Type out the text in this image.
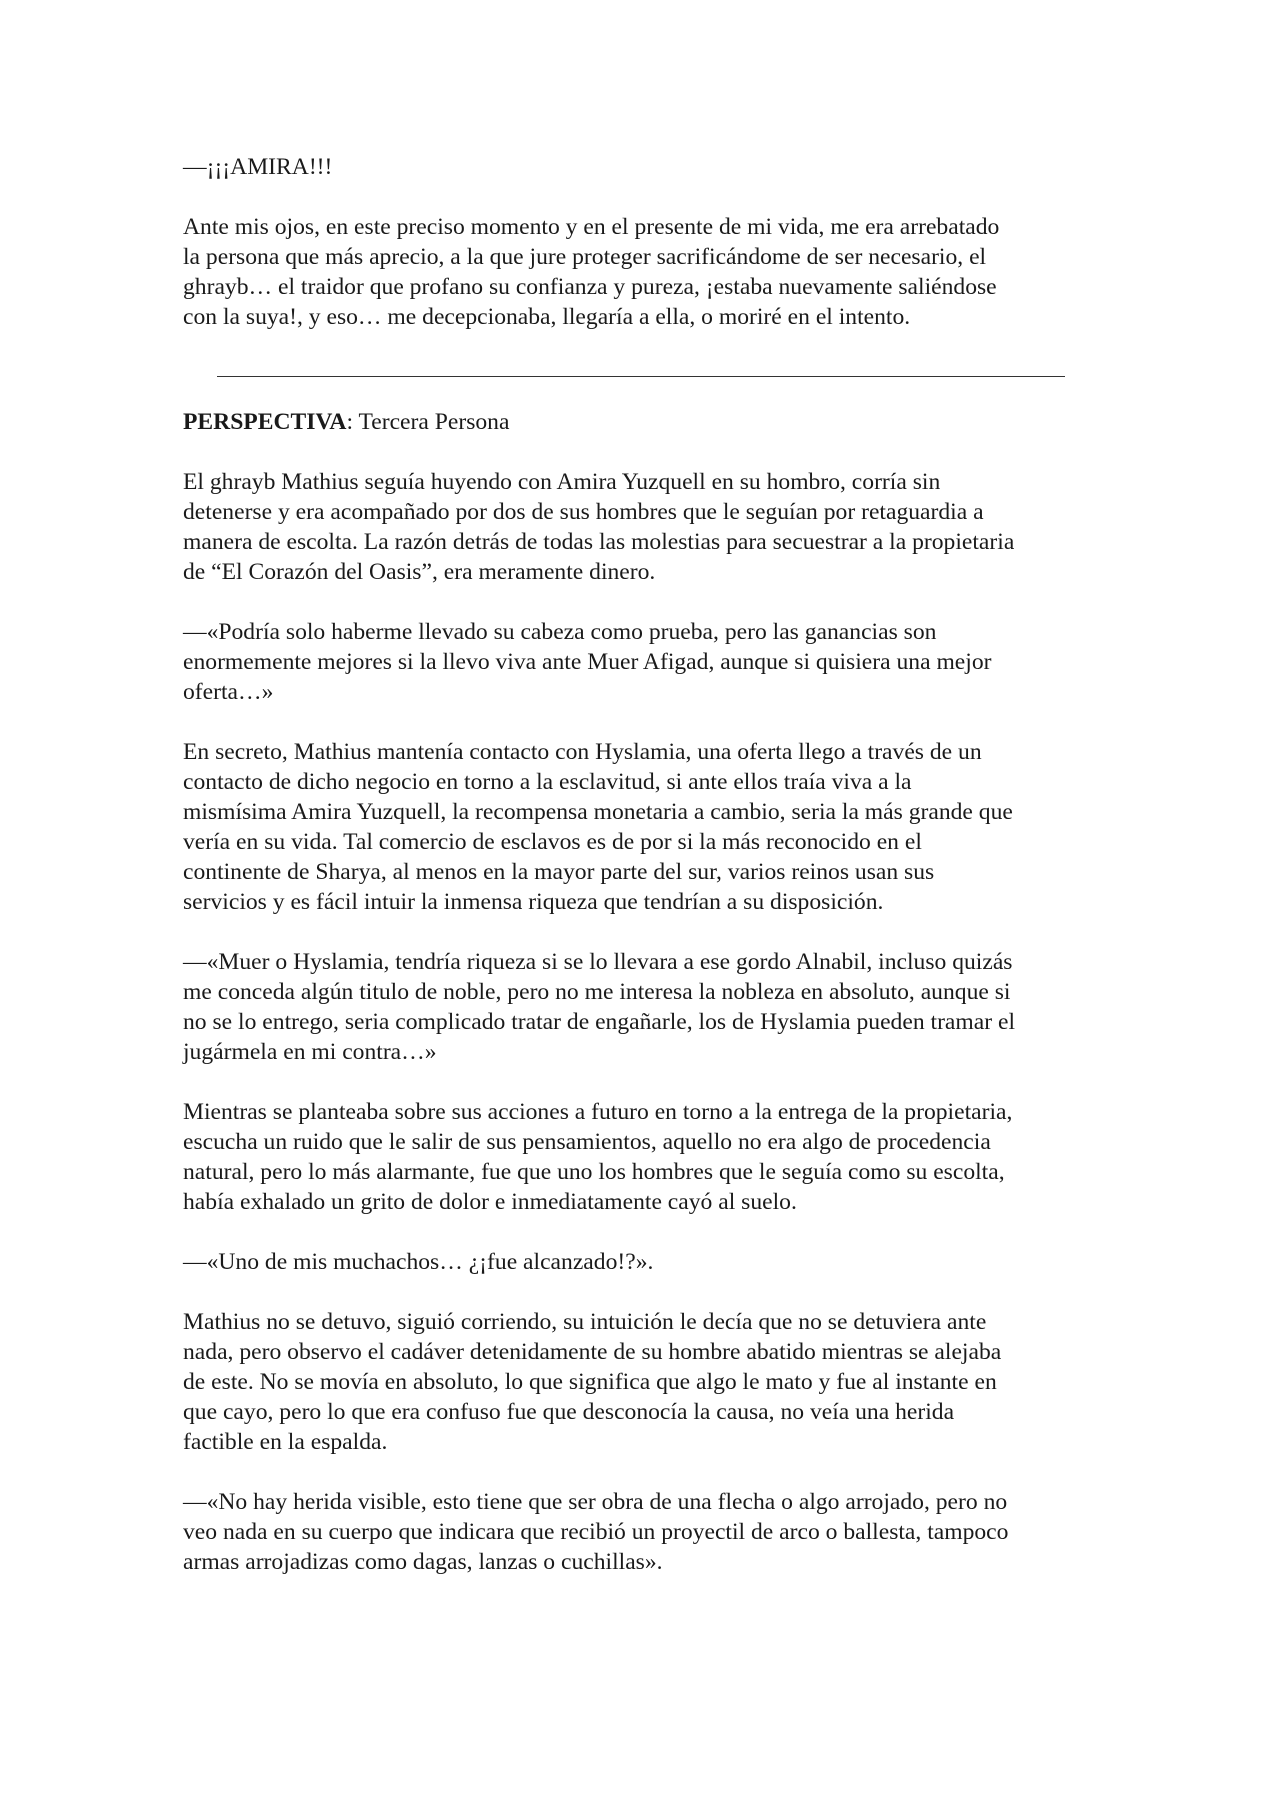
—¡¡¡AMIRA!!!

Ante mis ojos, en este preciso momento y en el presente de mi vida, me era arrebatado
la persona que más aprecio, a la que jure proteger sacrificándome de ser necesario, el
ghrayb… el traidor que profano su confianza y pureza, ¡estaba nuevamente saliéndose
con la suya!, y eso… me decepcionaba, llegaría a ella, o moriré en el intento.

PERSPECTIVA: Tercera Persona

El ghrayb Mathius seguía huyendo con Amira Yuzquell en su hombro, corría sin
detenerse y era acompañado por dos de sus hombres que le seguían por retaguardia a
manera de escolta. La razón detrás de todas las molestias para secuestrar a la propietaria
de “El Corazón del Oasis”, era meramente dinero.

—«Podría solo haberme llevado su cabeza como prueba, pero las ganancias son
enormemente mejores si la llevo viva ante Muer Afigad, aunque si quisiera una mejor
oferta…»

En secreto, Mathius mantenía contacto con Hyslamia, una oferta llego a través de un
contacto de dicho negocio en torno a la esclavitud, si ante ellos traía viva a la
mismísima Amira Yuzquell, la recompensa monetaria a cambio, seria la más grande que
vería en su vida. Tal comercio de esclavos es de por si la más reconocido en el
continente de Sharya, al menos en la mayor parte del sur, varios reinos usan sus
servicios y es fácil intuir la inmensa riqueza que tendrían a su disposición.

—«Muer o Hyslamia, tendría riqueza si se lo llevara a ese gordo Alnabil, incluso quizás
me conceda algún titulo de noble, pero no me interesa la nobleza en absoluto, aunque si
no se lo entrego, seria complicado tratar de engañarle, los de Hyslamia pueden tramar el
jugármela en mi contra…»

Mientras se planteaba sobre sus acciones a futuro en torno a la entrega de la propietaria,
escucha un ruido que le salir de sus pensamientos, aquello no era algo de procedencia
natural, pero lo más alarmante, fue que uno los hombres que le seguía como su escolta,
había exhalado un grito de dolor e inmediatamente cayó al suelo.

—«Uno de mis muchachos… ¿¡fue alcanzado!?».

Mathius no se detuvo, siguió corriendo, su intuición le decía que no se detuviera ante
nada, pero observo el cadáver detenidamente de su hombre abatido mientras se alejaba
de este. No se movía en absoluto, lo que significa que algo le mato y fue al instante en
que cayo, pero lo que era confuso fue que desconocía la causa, no veía una herida
factible en la espalda.

—«No hay herida visible, esto tiene que ser obra de una flecha o algo arrojado, pero no
veo nada en su cuerpo que indicara que recibió un proyectil de arco o ballesta, tampoco
armas arrojadizas como dagas, lanzas o cuchillas».
